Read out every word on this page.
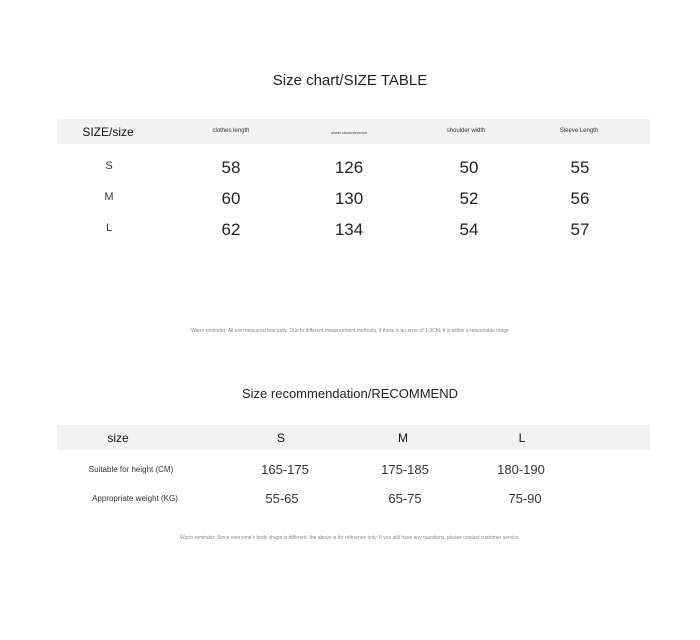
Size chart/SIZE TABLE
SIZE/size	clothes length	chest circumference	shoulder width	Sleeve Length
S	58	126	50	55
M	60	130	52	56
L	62	134	54	57
Warm reminder: All are measured manually. Due to different measurement methods, if there is an error of 1-3CM, it is within a reasonable range
Size recommendation/RECOMMEND
size	S	M	L
Suitable for height (CM)	165-175	175-185	180-190
Appropriate weight (KG)	55-65	65-75	75-90
Warm reminder: Since everyone's body shape is different, the above is for reference only. If you still have any questions, please contact customer service.
